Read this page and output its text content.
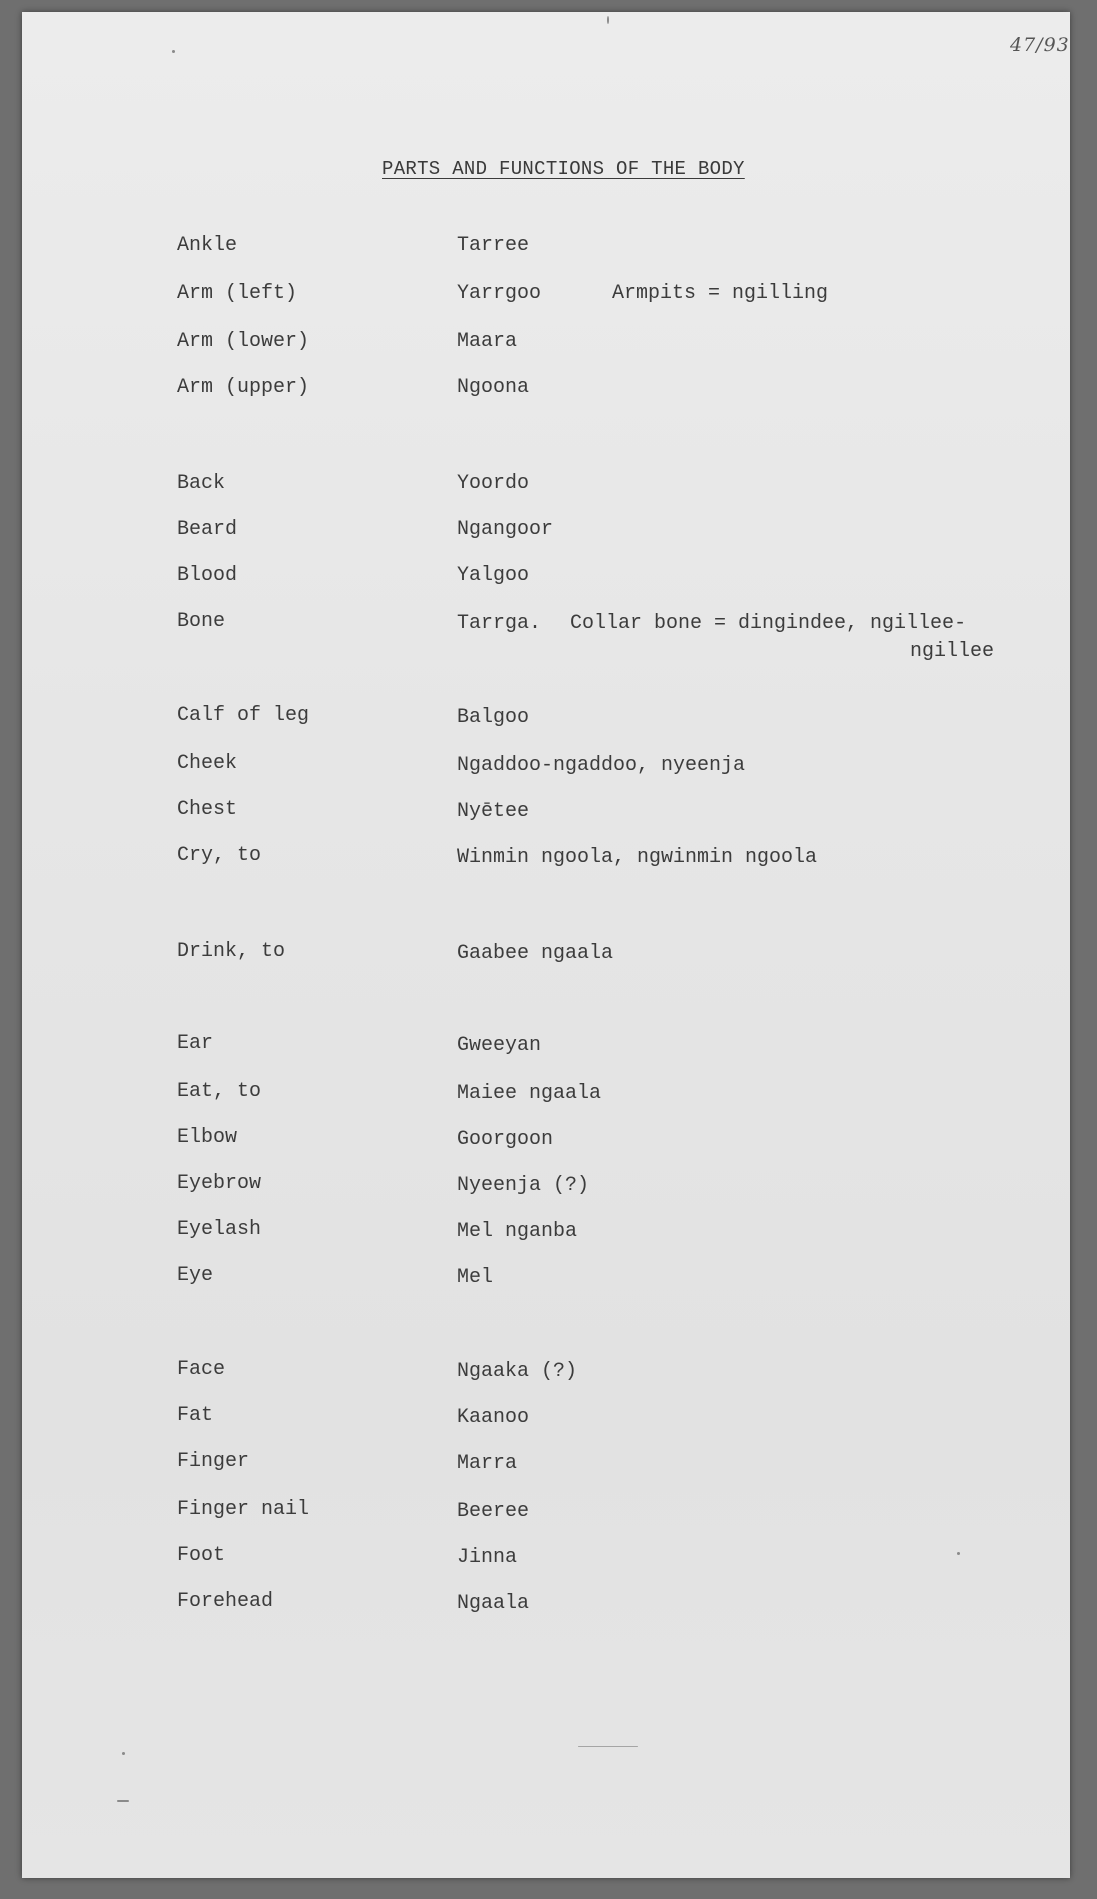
47/93
PARTS AND FUNCTIONS OF THE BODY
Ankle	Tarree
Arm (left)	Yarrgoo	Armpits = ngilling
Arm (lower)	Maara
Arm (upper)	Ngoona
Back	Yoordo
Beard	Ngangoor
Blood	Yalgoo
Bone	Tarrga. Collar bone = dingindee, ngillee-
ngillee
Calf of leg	Balgoo
Cheek	Ngaddoo-ngaddoo, nyeenja
Chest	Nyētee
Cry, to	Winmin ngoola, ngwinmin ngoola
Drink, to	Gaabee ngaala
Ear	Gweeyan
Eat, to	Maiee ngaala
Elbow	Goorgoon
Eyebrow	Nyeenja (?)
Eyelash	Mel nganba
Eye	Mel
Face	Ngaaka (?)
Fat	Kaanoo
Finger	Marra
Finger nail	Beeree
Foot	Jinna
Forehead	Ngaala
